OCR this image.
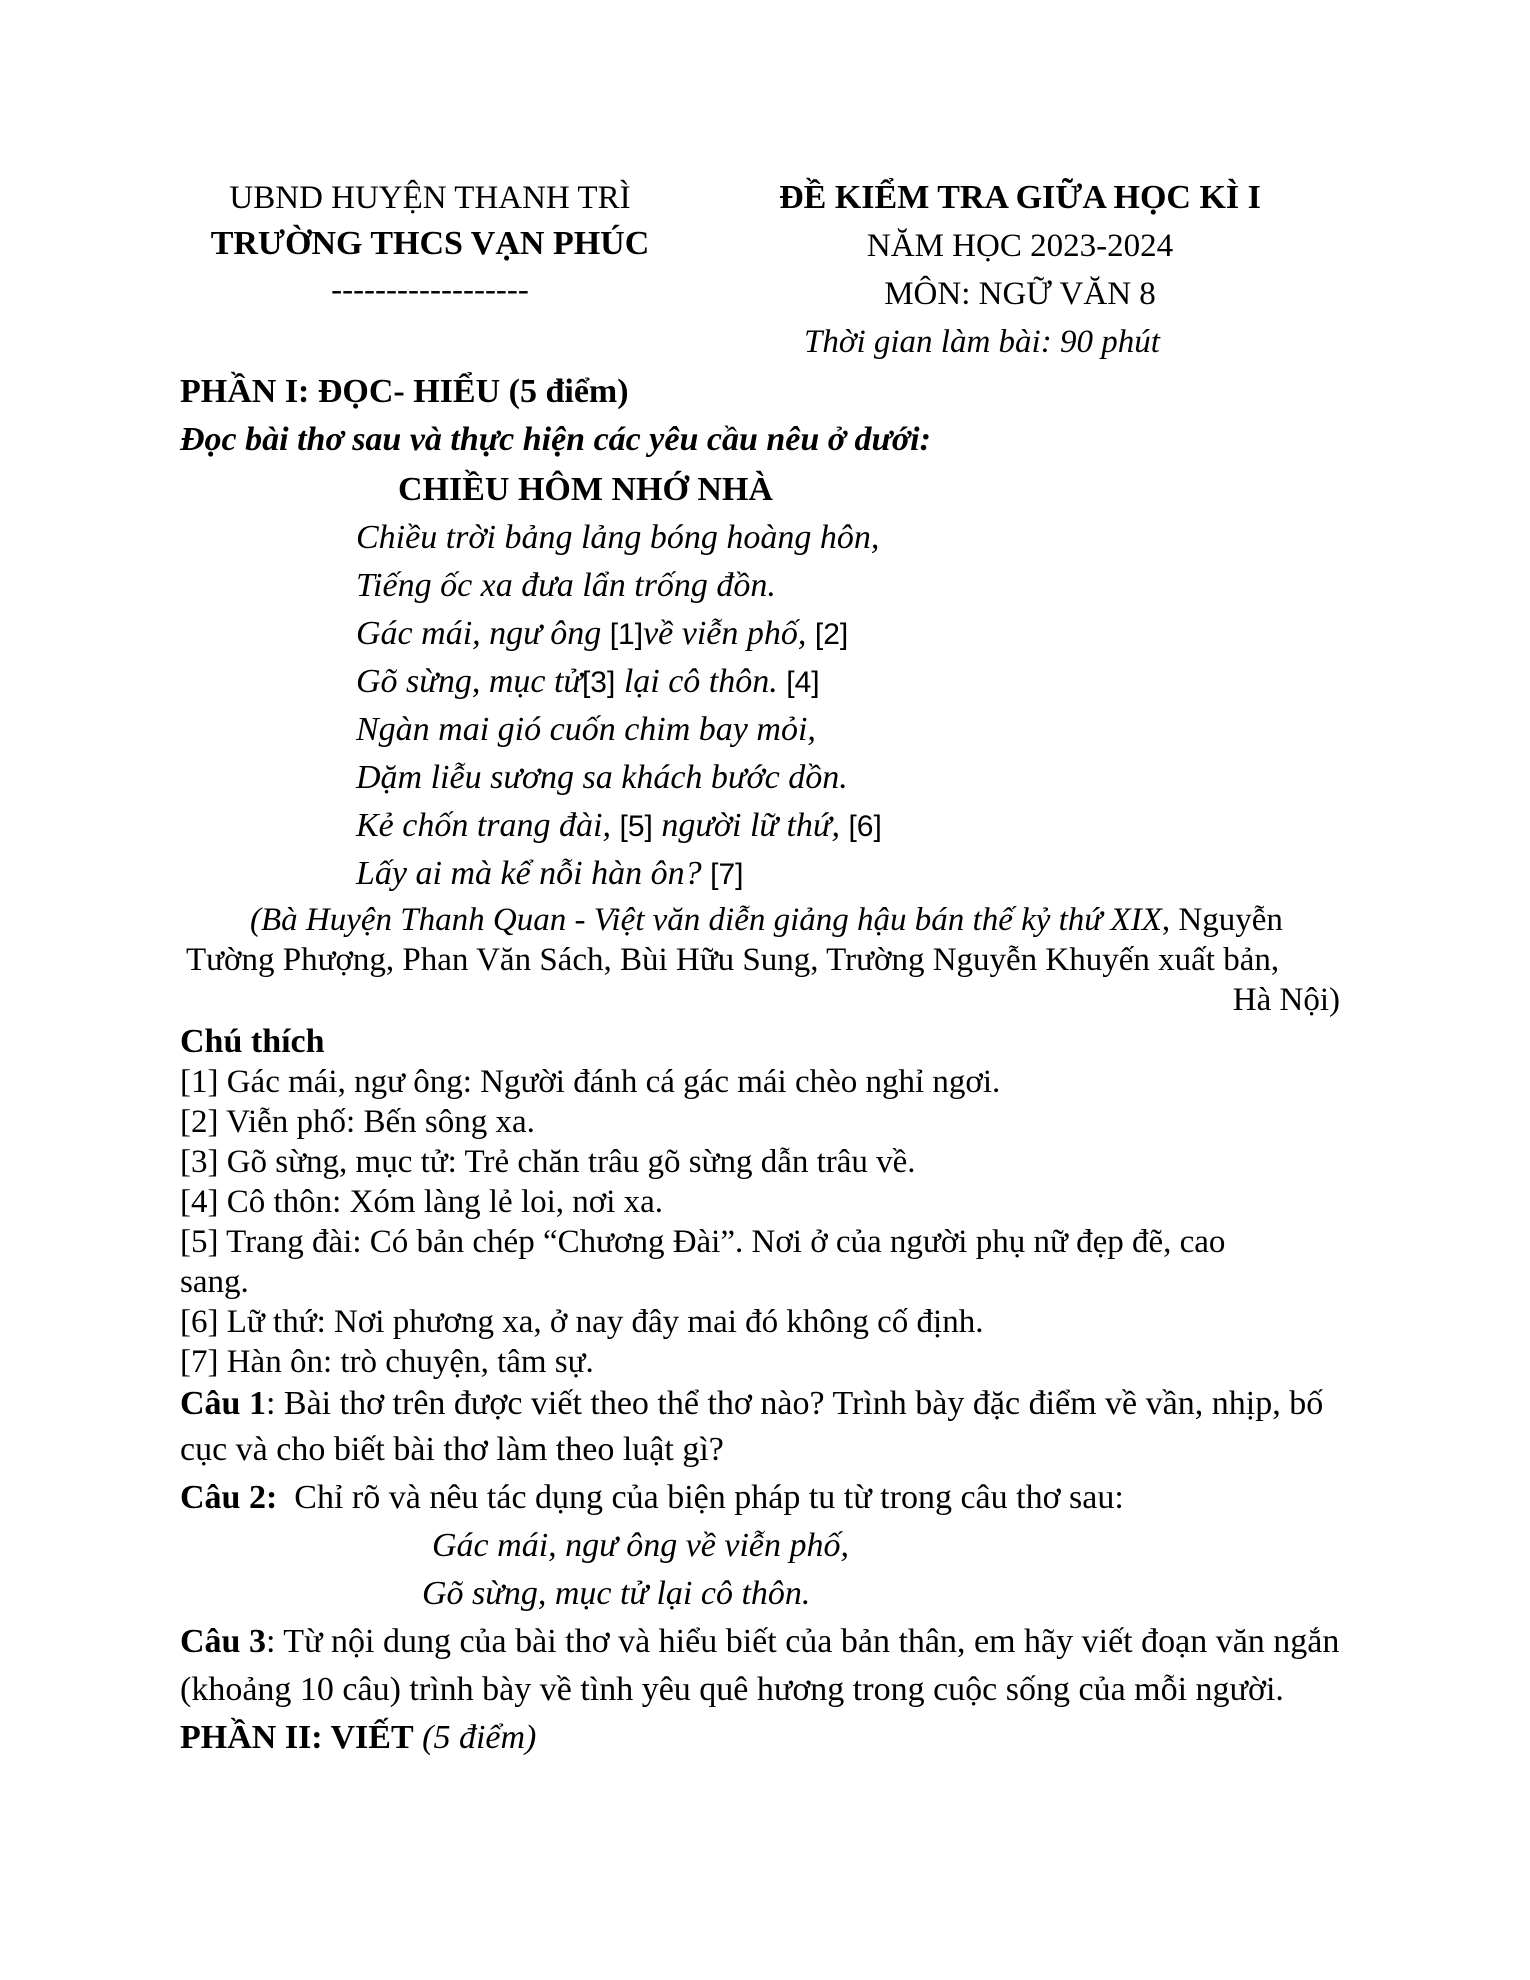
UBND HUYỆN THANH TRÌ
TRƯỜNG THCS VẠN PHÚC
------------------
ĐỀ KIỂM TRA GIỮA HỌC KÌ I
NĂM HỌC 2023-2024
MÔN: NGỮ VĂN 8
Thời gian làm bài: 90 phút
PHẦN I: ĐỌC- HIỂU (5 điểm)
Đọc bài thơ sau và thực hiện các yêu cầu nêu ở dưới:
CHIỀU HÔM NHỚ NHÀ
Chiều trời bảng lảng bóng hoàng hôn,
Tiếng ốc xa đưa lẩn trống đồn.
Gác mái, ngư ông [1]về viễn phố, [2]
Gõ sừng, mục tử[3] lại cô thôn. [4]
Ngàn mai gió cuốn chim bay mỏi,
Dặm liễu sương sa khách bước dồn.
Kẻ chốn trang đài, [5] người lữ thứ, [6]
Lấy ai mà kể nỗi hàn ôn? [7]
(Bà Huyện Thanh Quan - Việt văn diễn giảng hậu bán thế kỷ thứ XIX, Nguyễn
Tường Phượng, Phan Văn Sách, Bùi Hữu Sung, Trường Nguyễn Khuyến xuất bản,
Hà Nội)
Chú thích
[1] Gác mái, ngư ông: Người đánh cá gác mái chèo nghỉ ngơi.
[2] Viễn phố: Bến sông xa.
[3] Gõ sừng, mục tử: Trẻ chăn trâu gõ sừng dẫn trâu về.
[4] Cô thôn: Xóm làng lẻ loi, nơi xa.
[5] Trang đài: Có bản chép “Chương Đài”. Nơi ở của người phụ nữ đẹp đẽ, cao
sang.
[6] Lữ thứ: Nơi phương xa, ở nay đây mai đó không cố định.
[7] Hàn ôn: trò chuyện, tâm sự.
Câu 1: Bài thơ trên được viết theo thể thơ nào? Trình bày đặc điểm về vần, nhịp, bố
cục và cho biết bài thơ làm theo luật gì?
Câu 2:  Chỉ rõ và nêu tác dụng của biện pháp tu từ trong câu thơ sau:
Gác mái, ngư ông về viễn phố,
Gõ sừng, mục tử lại cô thôn.
Câu 3: Từ nội dung của bài thơ và hiểu biết của bản thân, em hãy viết đoạn văn ngắn
(khoảng 10 câu) trình bày về tình yêu quê hương trong cuộc sống của mỗi người.
PHẦN II: VIẾT (5 điểm)
